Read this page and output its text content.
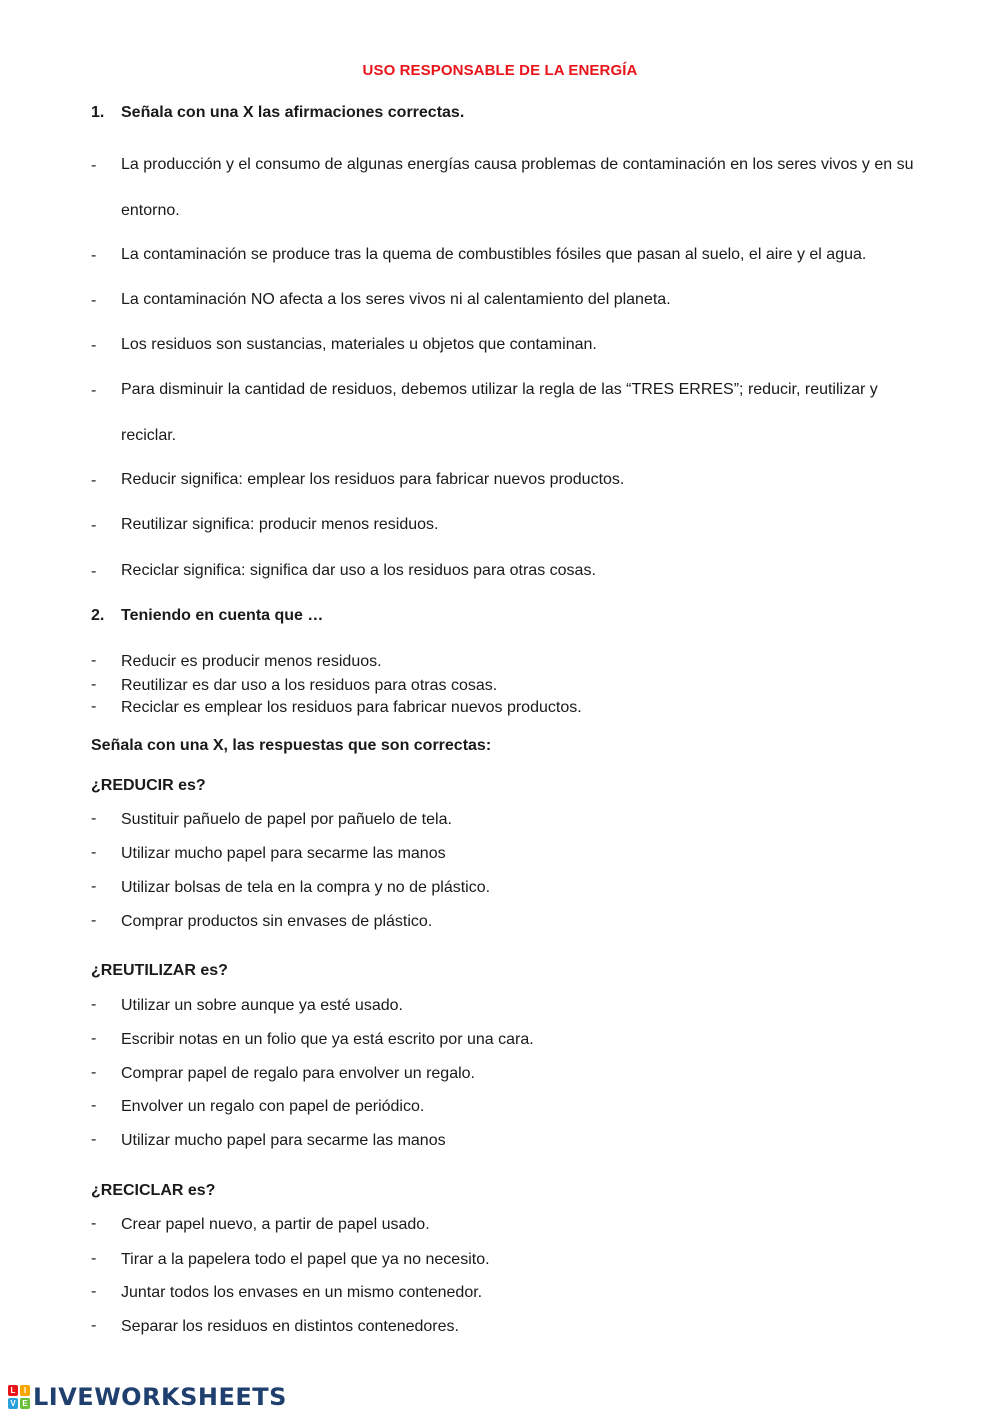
USO RESPONSABLE DE LA ENERGÍA
1. Señala con una X las afirmaciones correctas.
- La producción y el consumo de algunas energías causa problemas de contaminación en los seres vivos y en su entorno.
- La contaminación se produce tras la quema de combustibles fósiles que pasan al suelo, el aire y el agua.
- La contaminación NO afecta a los seres vivos ni al calentamiento del planeta.
- Los residuos son sustancias, materiales u objetos que contaminan.
- Para disminuir la cantidad de residuos, debemos utilizar la regla de las “TRES ERRES”; reducir, reutilizar y reciclar.
- Reducir significa: emplear los residuos para fabricar nuevos productos.
- Reutilizar significa: producir menos residuos.
- Reciclar significa: significa dar uso a los residuos para otras cosas.
2. Teniendo en cuenta que …
- Reducir es producir menos residuos.
- Reutilizar es dar uso a los residuos para otras cosas.
- Reciclar es emplear los residuos para fabricar nuevos productos.
Señala con una X, las respuestas que son correctas:
¿REDUCIR es?
- Sustituir pañuelo de papel por pañuelo de tela.
- Utilizar mucho papel para secarme las manos
- Utilizar bolsas de tela en la compra y no de plástico.
- Comprar productos sin envases de plástico.
¿REUTILIZAR es?
- Utilizar un sobre aunque ya esté usado.
- Escribir notas en un folio que ya está escrito por una cara.
- Comprar papel de regalo para envolver un regalo.
- Envolver un regalo con papel de periódico.
- Utilizar mucho papel para secarme las manos
¿RECICLAR es?
- Crear papel nuevo, a partir de papel usado.
- Tirar a la papelera todo el papel que ya no necesito.
- Juntar todos los envases en un mismo contenedor.
- Separar los residuos en distintos contenedores.
L	I
V E LIVEWORKSHEETS
